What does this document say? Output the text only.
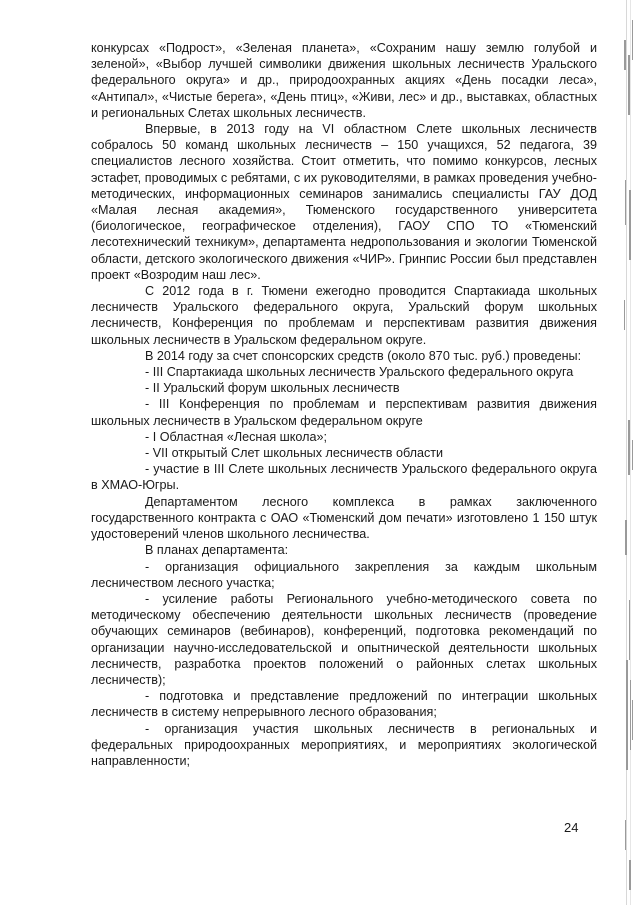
конкурсах «Подрост», «Зеленая планета», «Сохраним нашу землю голубой и зеленой», «Выбор лучшей символики движения школьных лесничеств Уральского федерального округа» и др., природоохранных акциях «День посадки леса», «Антипал», «Чистые берега», «День птиц», «Живи, лес» и др., выставках, областных и региональных Слетах школьных лесничеств.

Впервые, в 2013 году на VI областном Слете школьных лесничеств собралось 50 команд школьных лесничеств – 150 учащихся, 52 педагога, 39 специалистов лесного хозяйства. Стоит отметить, что помимо конкурсов, лесных эстафет, проводимых с ребятами, с их руководителями, в рамках проведения учебно-методических, информационных семинаров занимались специалисты ГАУ ДОД «Малая лесная академия», Тюменского государственного университета (биологическое, географическое отделения), ГАОУ СПО ТО «Тюменский лесотехнический техникум», департамента недропользования и экологии Тюменской области, детского экологического движения «ЧИР». Гринпис России был представлен проект «Возродим наш лес».

С 2012 года в г. Тюмени ежегодно проводится Спартакиада школьных лесничеств Уральского федерального округа, Уральский форум школьных лесничеств, Конференция по проблемам и перспективам развития движения школьных лесничеств в Уральском федеральном округе.

В 2014 году за счет спонсорских средств (около 870 тыс. руб.) проведены:

- III Спартакиада школьных лесничеств Уральского федерального округа

- II Уральский форум школьных лесничеств

- III Конференция по проблемам и перспективам развития движения школьных лесничеств в Уральском федеральном округе

- I Областная «Лесная школа»;

- VII открытый Слет школьных лесничеств области

- участие в III Слете школьных лесничеств Уральского федерального округа в ХМАО-Югры.

Департаментом лесного комплекса в рамках заключенного государственного контракта с ОАО «Тюменский дом печати» изготовлено 1 150 штук удостоверений членов школьного лесничества.

В планах департамента:

- организация официального закрепления за каждым школьным лесничеством лесного участка;

- усиление работы Регионального учебно-методического совета по методическому обеспечению деятельности школьных лесничеств (проведение обучающих семинаров (вебинаров), конференций, подготовка рекомендаций по организации научно-исследовательской и опытнической деятельности школьных лесничеств, разработка проектов положений о районных слетах школьных лесничеств);

- подготовка и представление предложений по интеграции школьных лесничеств в систему непрерывного лесного образования;

- организация участия школьных лесничеств в региональных и федеральных природоохранных мероприятиях, и мероприятиях экологической направленности;

24
